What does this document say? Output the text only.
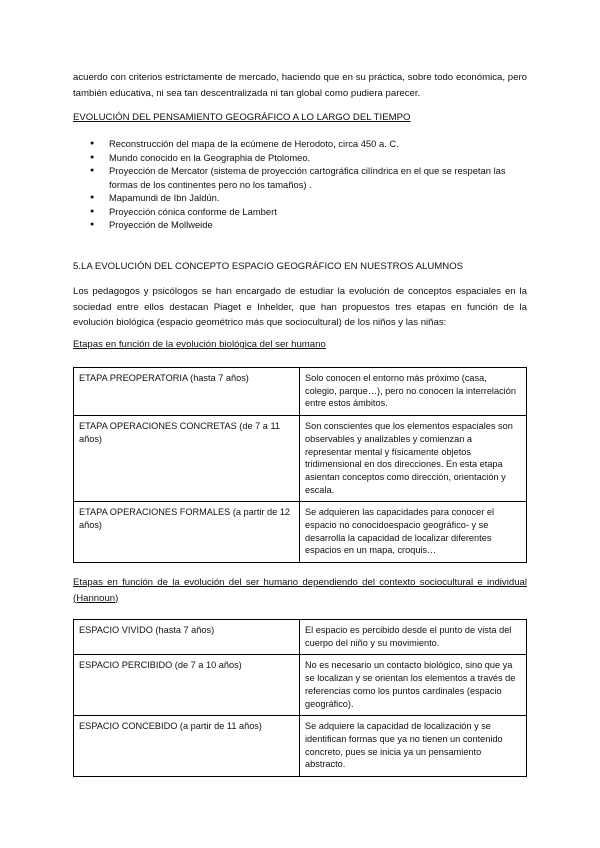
acuerdo con criterios estrictamente de mercado, haciendo que en su práctica, sobre todo económica, pero también educativa, ni sea tan descentralizada ni tan global como pudiera parecer.

EVOLUCIÓN DEL PENSAMIENTO GEOGRÁFICO A LO LARGO DEL TIEMPO

● Reconstrucción del mapa de la ecúmene de Herodoto, circa 450 a. C.
● Mundo conocido en la Geographia de Ptolomeo.
● Proyección de Mercator (sistema de proyección cartográfica cilíndrica en el que se respetan las formas de los continentes pero no los tamaños) .
● Mapamundi de Ibn Jaldún.
● Proyección cónica conforme de Lambert
● Proyección de Mollweide

5.LA EVOLUCIÓN DEL CONCEPTO ESPACIO GEOGRÁFICO EN NUESTROS ALUMNOS

Los pedagogos y psicólogos se han encargado de estudiar la evolución de conceptos espaciales en la sociedad entre ellos destacan Piaget e Inhelder, que han propuestos tres etapas en función de la evolución biológica (espacio geométrico más que sociocultural) de los niños y las niñas:

Etapas en función de la evolución biológica del ser humano

ETAPA PREOPERATORIA (hasta 7 años)	Solo conocen el entorno más próximo (casa, colegio, parque…), pero no conocen la interrelación entre estos ámbitos.
ETAPA OPERACIONES CONCRETAS (de 7 a 11 años)	Son conscientes que los elementos espaciales son observables y analizables y comienzan a representar mental y físicamente objetos tridimensional en dos direcciones. En esta etapa asientan conceptos como dirección, orientación y escala.
ETAPA OPERACIONES FORMALES (a partir de 12 años)	Se adquieren las capacidades para conocer el espacio no conocidoespacio geográfico- y se desarrolla la capacidad de localizar diferentes espacios en un mapa, croquis…

Etapas en función de la evolución del ser humano dependiendo del contexto sociocultural e individual (Hannoun)

ESPACIO VIVIDO (hasta 7 años)	El espacio es percibido desde el punto de vista del cuerpo del niño y su movimiento.
ESPACIO PERCIBIDO (de 7 a 10 años)	No es necesario un contacto biológico, sino que ya se localizan y se orientan los elementos a través de referencias como los puntos cardinales (espacio geográfico).
ESPACIO CONCEBIDO (a partir de 11 años)	Se adquiere la capacidad de localización y se identifican formas que ya no tienen un contenido concreto, pues se inicia ya un pensamiento abstracto.
